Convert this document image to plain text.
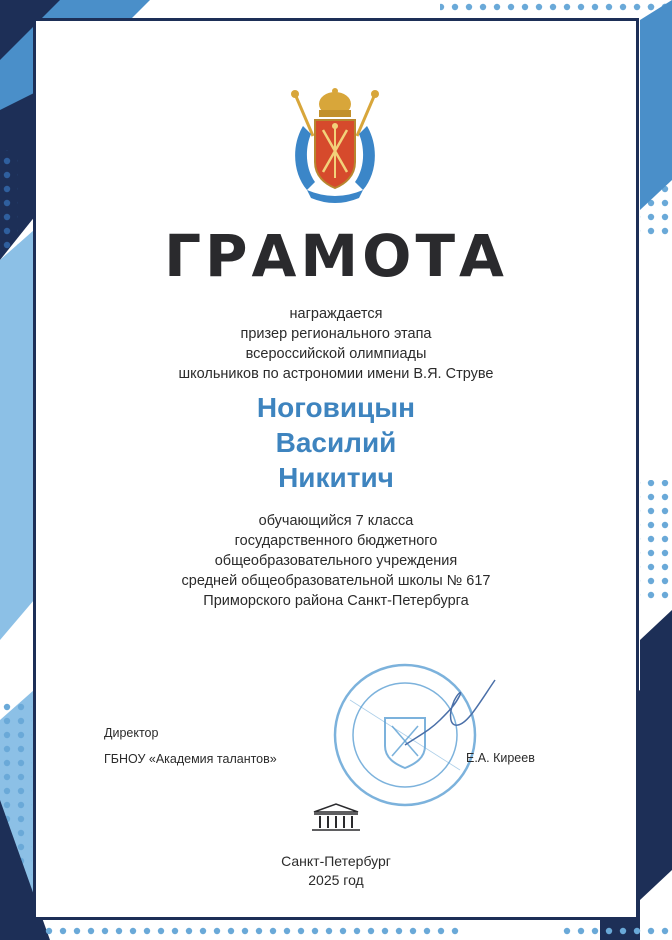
ГРАМОТА
награждается
призер регионального этапа
всероссийской олимпиады
школьников по астрономии имени В.Я. Струве
Ноговицын
Василий
Никитич
обучающийся 7 класса
государственного бюджетного
общеобразовательного учреждения
средней общеобразовательной школы № 617
Приморского района Санкт-Петербурга
Директор
ГБНОУ «Академия талантов»	Е.А. Киреев
Санкт-Петербург
2025 год
